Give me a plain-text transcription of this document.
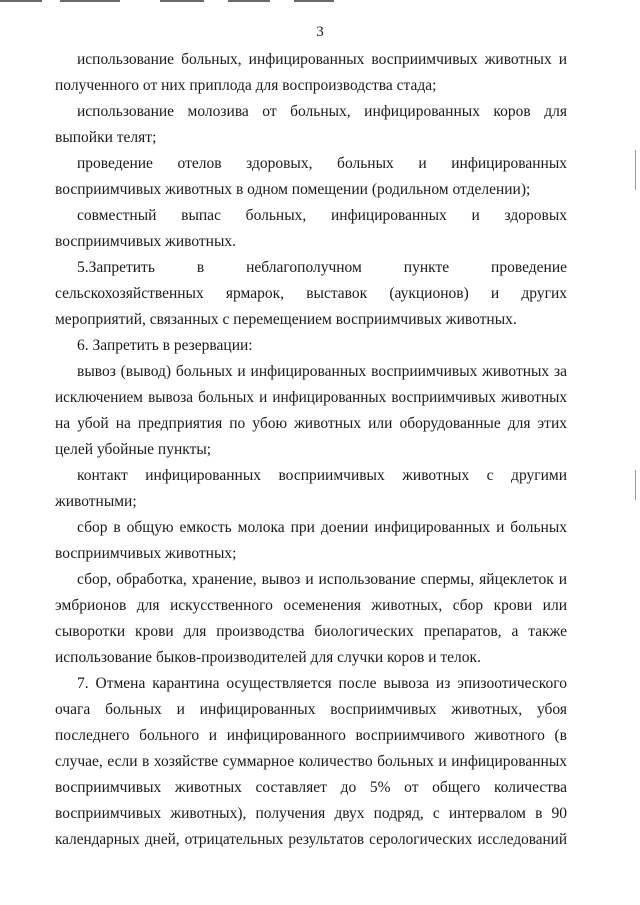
3
использование больных, инфицированных восприимчивых животных и
полученного от них приплода для воспроизводства стада;
использование молозива от больных, инфицированных коров для
выпойки телят;
проведение отелов здоровых, больных и инфицированных
восприимчивых животных в одном помещении (родильном отделении);
совместный выпас больных, инфицированных и здоровых
восприимчивых животных.
5.Запретить в неблагополучном пункте проведение
сельскохозяйственных ярмарок, выставок (аукционов) и других
мероприятий, связанных с перемещением восприимчивых животных.
6. Запретить в резервации:
вывоз (вывод) больных и инфицированных восприимчивых животных за
исключением вывоза больных и инфицированных восприимчивых животных
на убой на предприятия по убою животных или оборудованные для этих
целей убойные пункты;
контакт инфицированных восприимчивых животных с другими
животными;
сбор в общую емкость молока при доении инфицированных и больных
восприимчивых животных;
сбор, обработка, хранение, вывоз и использование спермы, яйцеклеток и
эмбрионов для искусственного осеменения животных, сбор крови или
сыворотки крови для производства биологических препаратов, а также
использование быков-производителей для случки коров и телок.
7. Отмена карантина осуществляется после вывоза из эпизоотического
очага больных и инфицированных восприимчивых животных, убоя
последнего больного и инфицированного восприимчивого животного (в
случае, если в хозяйстве суммарное количество больных и инфицированных
восприимчивых животных составляет до 5% от общего количества
восприимчивых животных), получения двух подряд, с интервалом в 90
календарных дней, отрицательных результатов серологических исследований
